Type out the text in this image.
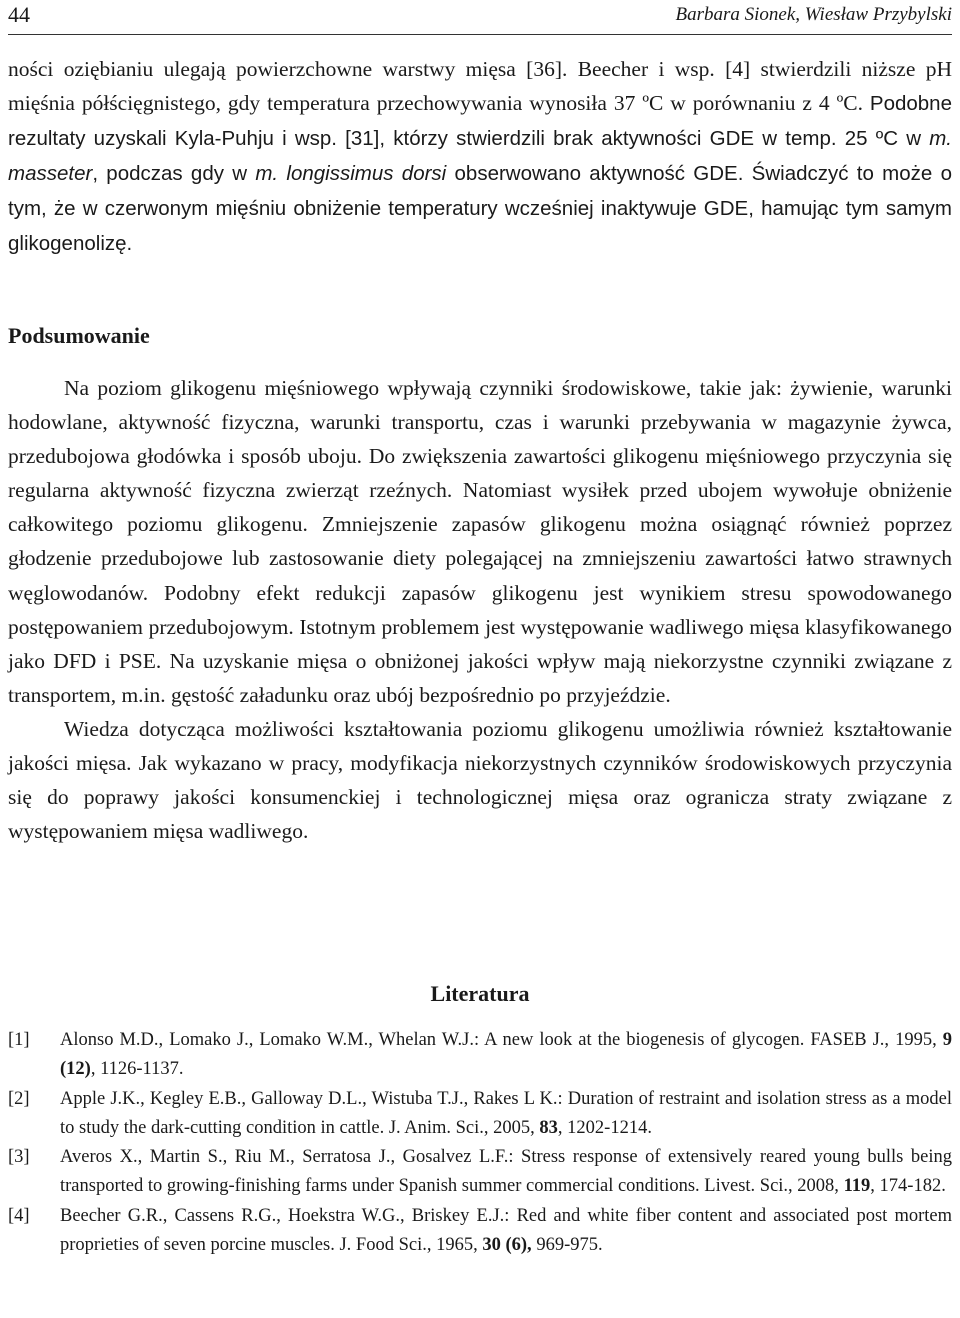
44	Barbara Sionek, Wiesław Przybylski

ności oziębianiu ulegają powierzchowne warstwy mięsa [36]. Beecher i wsp. [4] stwierdzili niższe pH mięśnia półścięgnistego, gdy temperatura przechowywania wynosiła 37 ºC w porównaniu z 4 ºC. Podobne rezultaty uzyskali Kyla-Puhju i wsp. [31], którzy stwierdzili brak aktywności GDE w temp. 25 ºC w m. masseter, podczas gdy w m. longissimus dorsi obserwowano aktywność GDE. Świadczyć to może o tym, że w czerwonym mięśniu obniżenie temperatury wcześniej inaktywuje GDE, hamując tym samym glikogenolizę.

Podsumowanie

Na poziom glikogenu mięśniowego wpływają czynniki środowiskowe, takie jak: żywienie, warunki hodowlane, aktywność fizyczna, warunki transportu, czas i warunki przebywania w magazynie żywca, przedubojowa głodówka i sposób uboju. Do zwiększenia zawartości glikogenu mięśniowego przyczynia się regularna aktywność fizyczna zwierząt rzeźnych. Natomiast wysiłek przed ubojem wywołuje obniżenie całkowitego poziomu glikogenu. Zmniejszenie zapasów glikogenu można osiągnąć również poprzez głodzenie przedubojowe lub zastosowanie diety polegającej na zmniejszeniu zawartości łatwo strawnych węglowodanów. Podobny efekt redukcji zapasów glikogenu jest wynikiem stresu spowodowanego postępowaniem przedubojowym. Istotnym problemem jest występowanie wadliwego mięsa klasyfikowanego jako DFD i PSE. Na uzyskanie mięsa o obniżonej jakości wpływ mają niekorzystne czynniki związane z transportem, m.in. gęstość załadunku oraz ubój bezpośrednio po przyjeździe.

Wiedza dotycząca możliwości kształtowania poziomu glikogenu umożliwia również kształtowanie jakości mięsa. Jak wykazano w pracy, modyfikacja niekorzystnych czynników środowiskowych przyczynia się do poprawy jakości konsumenckiej i technologicznej mięsa oraz ogranicza straty związane z występowaniem mięsa wadliwego.

Literatura
[1] Alonso M.D., Lomako J., Lomako W.M., Whelan W.J.: A new look at the biogenesis of glycogen. FASEB J., 1995, 9 (12), 1126-1137.
[2] Apple J.K., Kegley E.B., Galloway D.L., Wistuba T.J., Rakes L K.: Duration of restraint and isolation stress as a model to study the dark-cutting condition in cattle. J. Anim. Sci., 2005, 83, 1202-1214.
[3] Averos X., Martin S., Riu M., Serratosa J., Gosalvez L.F.: Stress response of extensively reared young bulls being transported to growing-finishing farms under Spanish summer commercial conditions. Livest. Sci., 2008, 119, 174-182.
[4] Beecher G.R., Cassens R.G., Hoekstra W.G., Briskey E.J.: Red and white fiber content and associated post mortem proprieties of seven porcine muscles. J. Food Sci., 1965, 30 (6), 969-975.
